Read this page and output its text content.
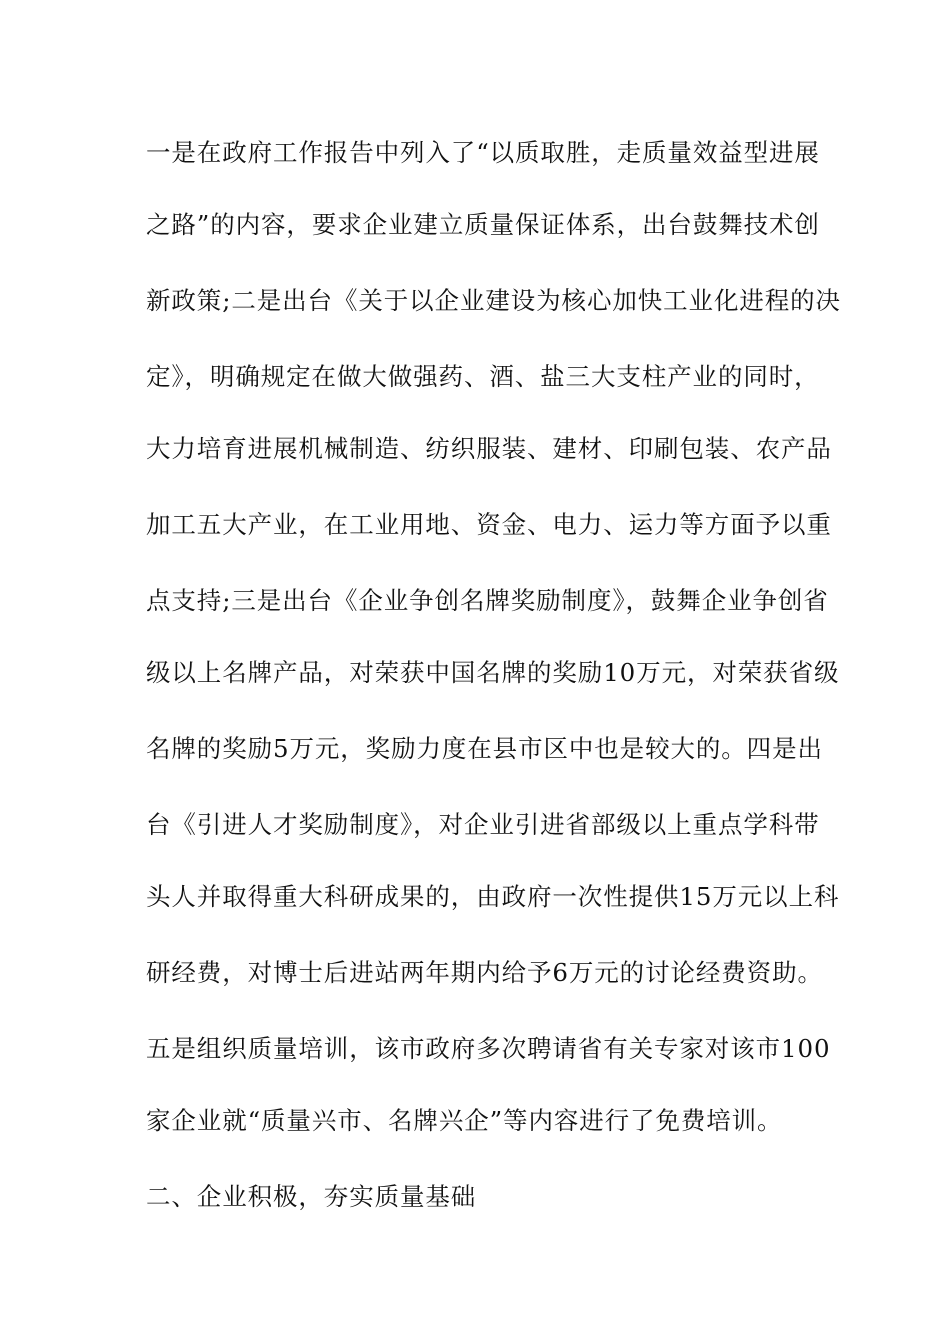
一是在政府工作报告中列入了“以质取胜，走质量效益型进展
之路”的内容，要求企业建立质量保证体系，出台鼓舞技术创
新政策;二是出台《关于以企业建设为核心加快工业化进程的决
定》，明确规定在做大做强药、酒、盐三大支柱产业的同时，
大力培育进展机械制造、纺织服装、建材、印刷包装、农产品
加工五大产业，在工业用地、资金、电力、运力等方面予以重
点支持;三是出台《企业争创名牌奖励制度》，鼓舞企业争创省
级以上名牌产品，对荣获中国名牌的奖励10万元，对荣获省级
名牌的奖励5万元，奖励力度在县市区中也是较大的。四是出
台《引进人才奖励制度》，对企业引进省部级以上重点学科带
头人并取得重大科研成果的，由政府一次性提供15万元以上科
研经费，对博士后进站两年期内给予6万元的讨论经费资助。
五是组织质量培训，该市政府多次聘请省有关专家对该市100
家企业就“质量兴市、名牌兴企”等内容进行了免费培训。
二、企业积极，夯实质量基础
